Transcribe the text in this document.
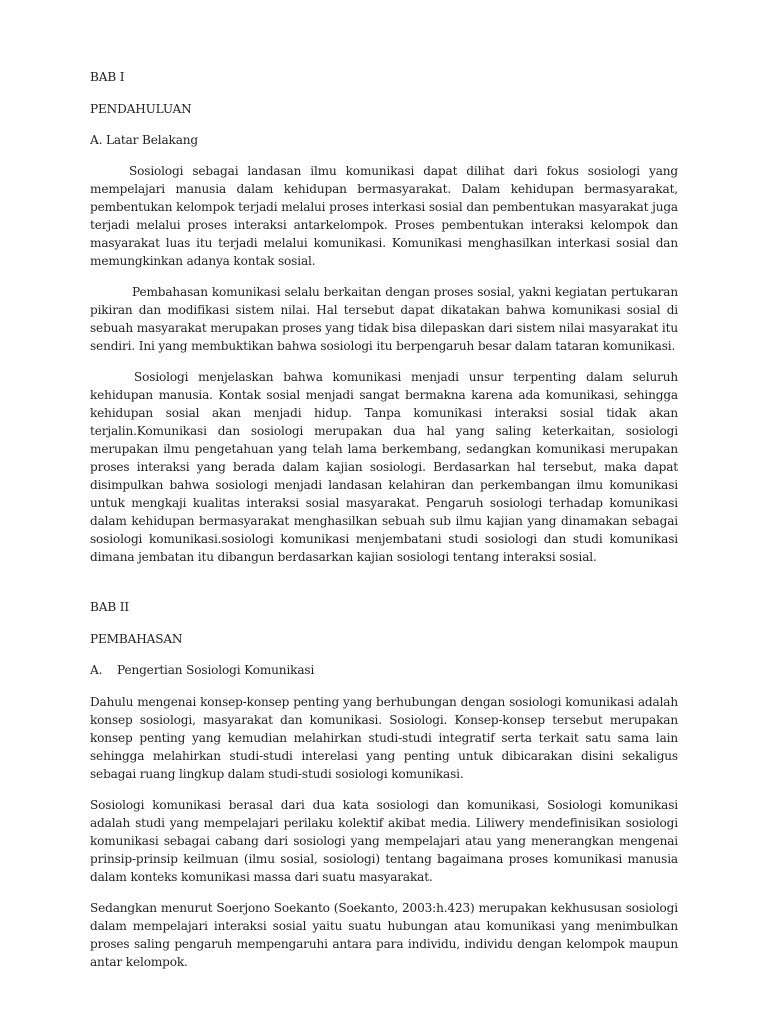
BAB I

PENDAHULUAN

A. Latar Belakang

Sosiologi sebagai landasan ilmu komunikasi dapat dilihat dari fokus sosiologi yang mempelajari manusia dalam kehidupan bermasyarakat. Dalam kehidupan bermasyarakat, pembentukan kelompok terjadi melalui proses interkasi sosial dan pembentukan masyarakat juga terjadi melalui proses interaksi antarkelompok. Proses pembentukan interaksi kelompok dan masyarakat luas itu terjadi melalui komunikasi. Komunikasi menghasilkan interkasi sosial dan memungkinkan adanya kontak sosial.

Pembahasan komunikasi selalu berkaitan dengan proses sosial, yakni kegiatan pertukaran pikiran dan modifikasi sistem nilai. Hal tersebut dapat dikatakan bahwa komunikasi sosial di sebuah masyarakat merupakan proses yang tidak bisa dilepaskan dari sistem nilai masyarakat itu sendiri. Ini yang membuktikan bahwa sosiologi itu berpengaruh besar dalam tataran komunikasi.

Sosiologi menjelaskan bahwa komunikasi menjadi unsur terpenting dalam seluruh kehidupan manusia. Kontak sosial menjadi sangat bermakna karena ada komunikasi, sehingga kehidupan sosial akan menjadi hidup. Tanpa komunikasi interaksi sosial tidak akan terjalin.Komunikasi dan sosiologi merupakan dua hal yang saling keterkaitan, sosiologi merupakan ilmu pengetahuan yang telah lama berkembang, sedangkan komunikasi merupakan proses interaksi yang berada dalam kajian sosiologi. Berdasarkan hal tersebut, maka dapat disimpulkan bahwa sosiologi menjadi landasan kelahiran dan perkembangan ilmu komunikasi untuk mengkaji kualitas interaksi sosial masyarakat. Pengaruh sosiologi terhadap komunikasi dalam kehidupan bermasyarakat menghasilkan sebuah sub ilmu kajian yang dinamakan sebagai sosiologi komunikasi.sosiologi komunikasi menjembatani studi sosiologi dan studi komunikasi dimana jembatan itu dibangun berdasarkan kajian sosiologi tentang interaksi sosial.

BAB II

PEMBAHASAN

A. Pengertian Sosiologi Komunikasi

Dahulu mengenai konsep-konsep penting yang berhubungan dengan sosiologi komunikasi adalah konsep sosiologi, masyarakat dan komunikasi. Sosiologi. Konsep-konsep tersebut merupakan konsep penting yang kemudian melahirkan studi-studi integratif serta terkait satu sama lain sehingga melahirkan studi-studi interelasi yang penting untuk dibicarakan disini sekaligus sebagai ruang lingkup dalam studi-studi sosiologi komunikasi.

Sosiologi komunikasi berasal dari dua kata sosiologi dan komunikasi, Sosiologi komunikasi adalah studi yang mempelajari perilaku kolektif akibat media. Liliwery mendefinisikan sosiologi komunikasi sebagai cabang dari sosiologi yang mempelajari atau yang menerangkan mengenai prinsip-prinsip keilmuan (ilmu sosial, sosiologi) tentang bagaimana proses komunikasi manusia dalam konteks komunikasi massa dari suatu masyarakat.

Sedangkan menurut Soerjono Soekanto (Soekanto, 2003:h.423) merupakan kekhususan sosiologi dalam mempelajari interaksi sosial yaitu suatu hubungan atau komunikasi yang menimbulkan proses saling pengaruh mempengaruhi antara para individu, individu dengan kelompok maupun antar kelompok.
